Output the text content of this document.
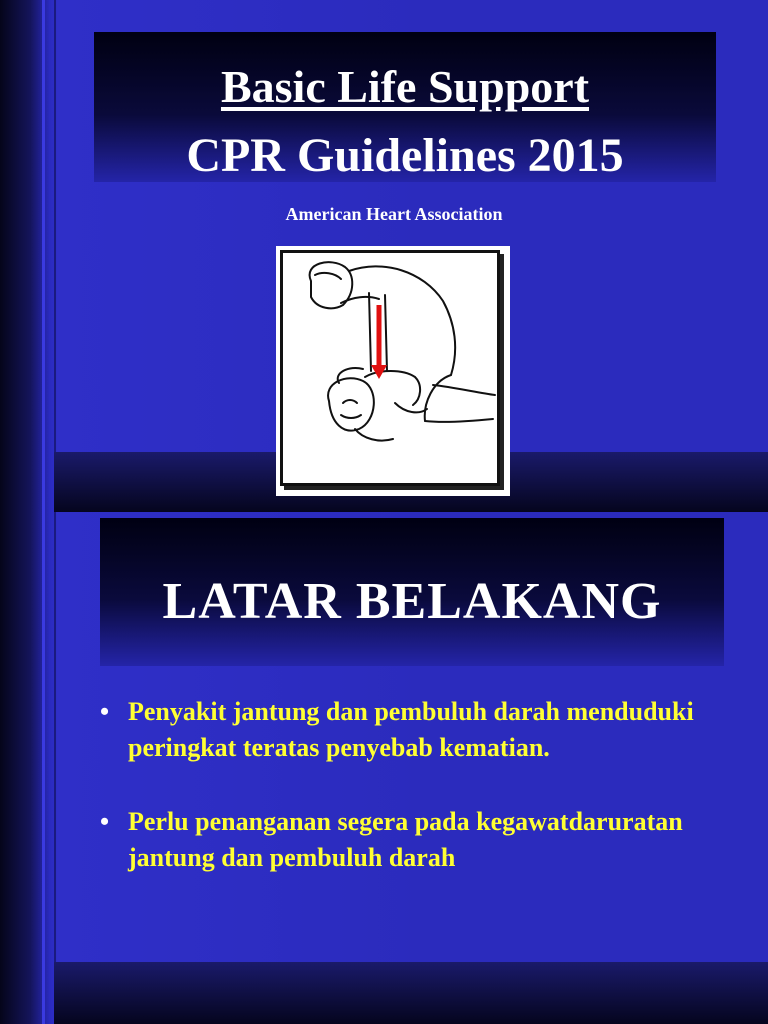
Basic Life Support
CPR Guidelines 2015
American Heart Association
LATAR BELAKANG
• Penyakit jantung dan pembuluh darah menduduki peringkat teratas penyebab kematian.
• Perlu penanganan segera pada kegawatdaruratan jantung dan pembuluh darah
